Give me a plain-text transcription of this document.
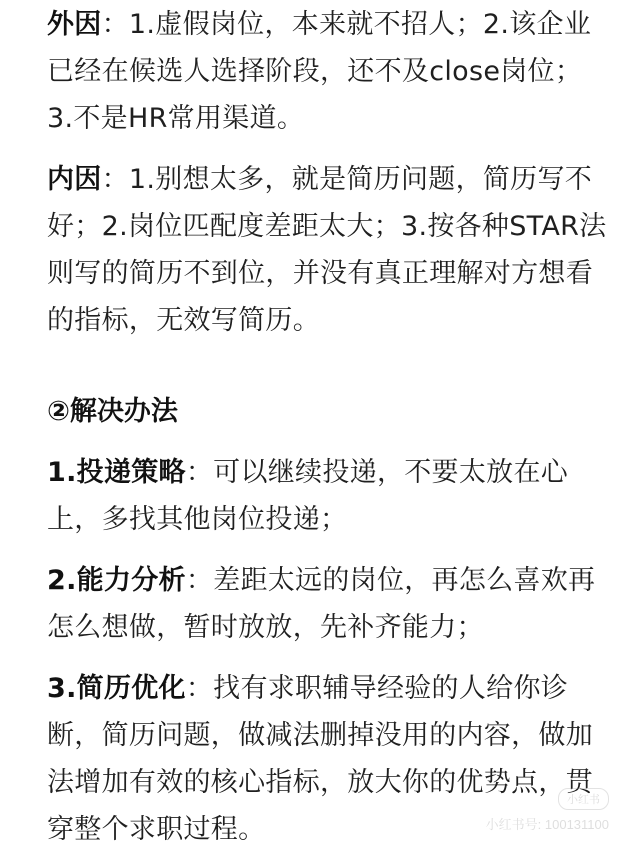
外因：1.虚假岗位，本来就不招人；2.该企业已经在候选人选择阶段，还不及close岗位；3.不是HR常用渠道。

内因：1.别想太多，就是简历问题，简历写不好；2.岗位匹配度差距太大；3.按各种STAR法则写的简历不到位，并没有真正理解对方想看的指标，无效写简历。

②解决办法

1.投递策略：可以继续投递，不要太放在心上，多找其他岗位投递；

2.能力分析：差距太远的岗位，再怎么喜欢再怎么想做，暂时放放，先补齐能力；

3.简历优化：找有求职辅导经验的人给你诊断，简历问题，做减法删掉没用的内容，做加法增加有效的核心指标，放大你的优势点，贯穿整个求职过程。

小红书
小红书号: 100131100
